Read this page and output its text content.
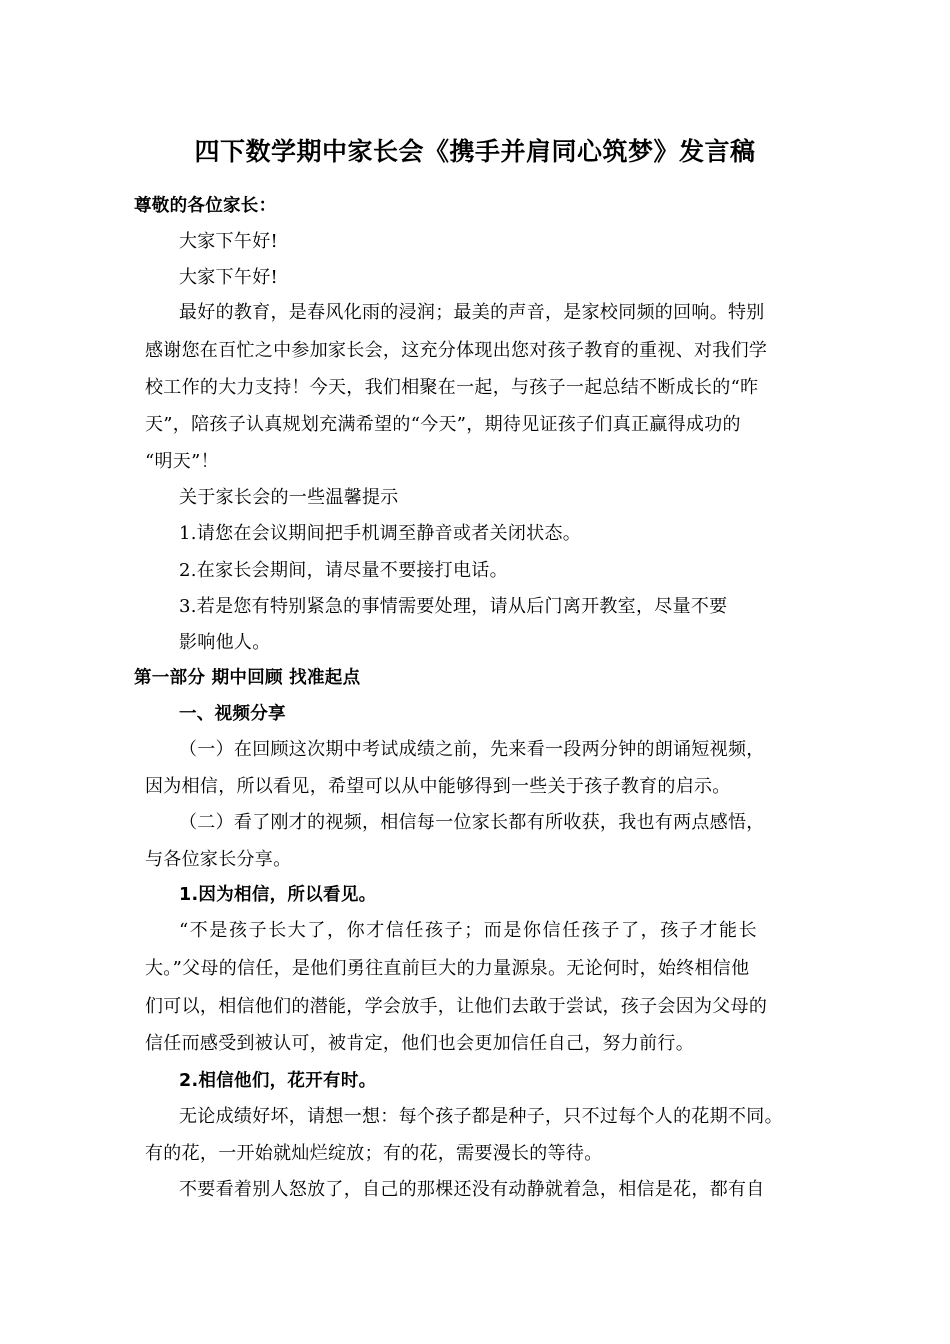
四下数学期中家长会《携手并肩同心筑梦》发言稿
尊敬的各位家长：
大家下午好!
大家下午好!
最好的教育，是春风化雨的浸润；最美的声音，是家校同频的回响。特别
感谢您在百忙之中参加家长会，这充分体现出您对孩子教育的重视、对我们学
校工作的大力支持！今天，我们相聚在一起，与孩子一起总结不断成长的“昨
天”，陪孩子认真规划充满希望的“今天”，期待见证孩子们真正赢得成功的
“明天”！
关于家长会的一些温馨提示
1.请您在会议期间把手机调至静音或者关闭状态。
2.在家长会期间，请尽量不要接打电话。
3.若是您有特别紧急的事情需要处理，请从后门离开教室，尽量不要
影响他人。
第一部分 期中回顾 找准起点
一、视频分享
（一）在回顾这次期中考试成绩之前，先来看一段两分钟的朗诵短视频，
因为相信，所以看见，希望可以从中能够得到一些关于孩子教育的启示。
（二）看了刚才的视频，相信每一位家长都有所收获，我也有两点感悟，
与各位家长分享。
1.因为相信，所以看见。
“不是孩子长大了，你才信任孩子；而是你信任孩子了，孩子才能长
大。”父母的信任，是他们勇往直前巨大的力量源泉。无论何时，始终相信他
们可以，相信他们的潜能，学会放手，让他们去敢于尝试，孩子会因为父母的
信任而感受到被认可，被肯定，他们也会更加信任自己，努力前行。
2.相信他们，花开有时。
无论成绩好坏，请想一想：每个孩子都是种子，只不过每个人的花期不同。
有的花，一开始就灿烂绽放；有的花，需要漫长的等待。
不要看着别人怒放了，自己的那棵还没有动静就着急，相信是花，都有自
